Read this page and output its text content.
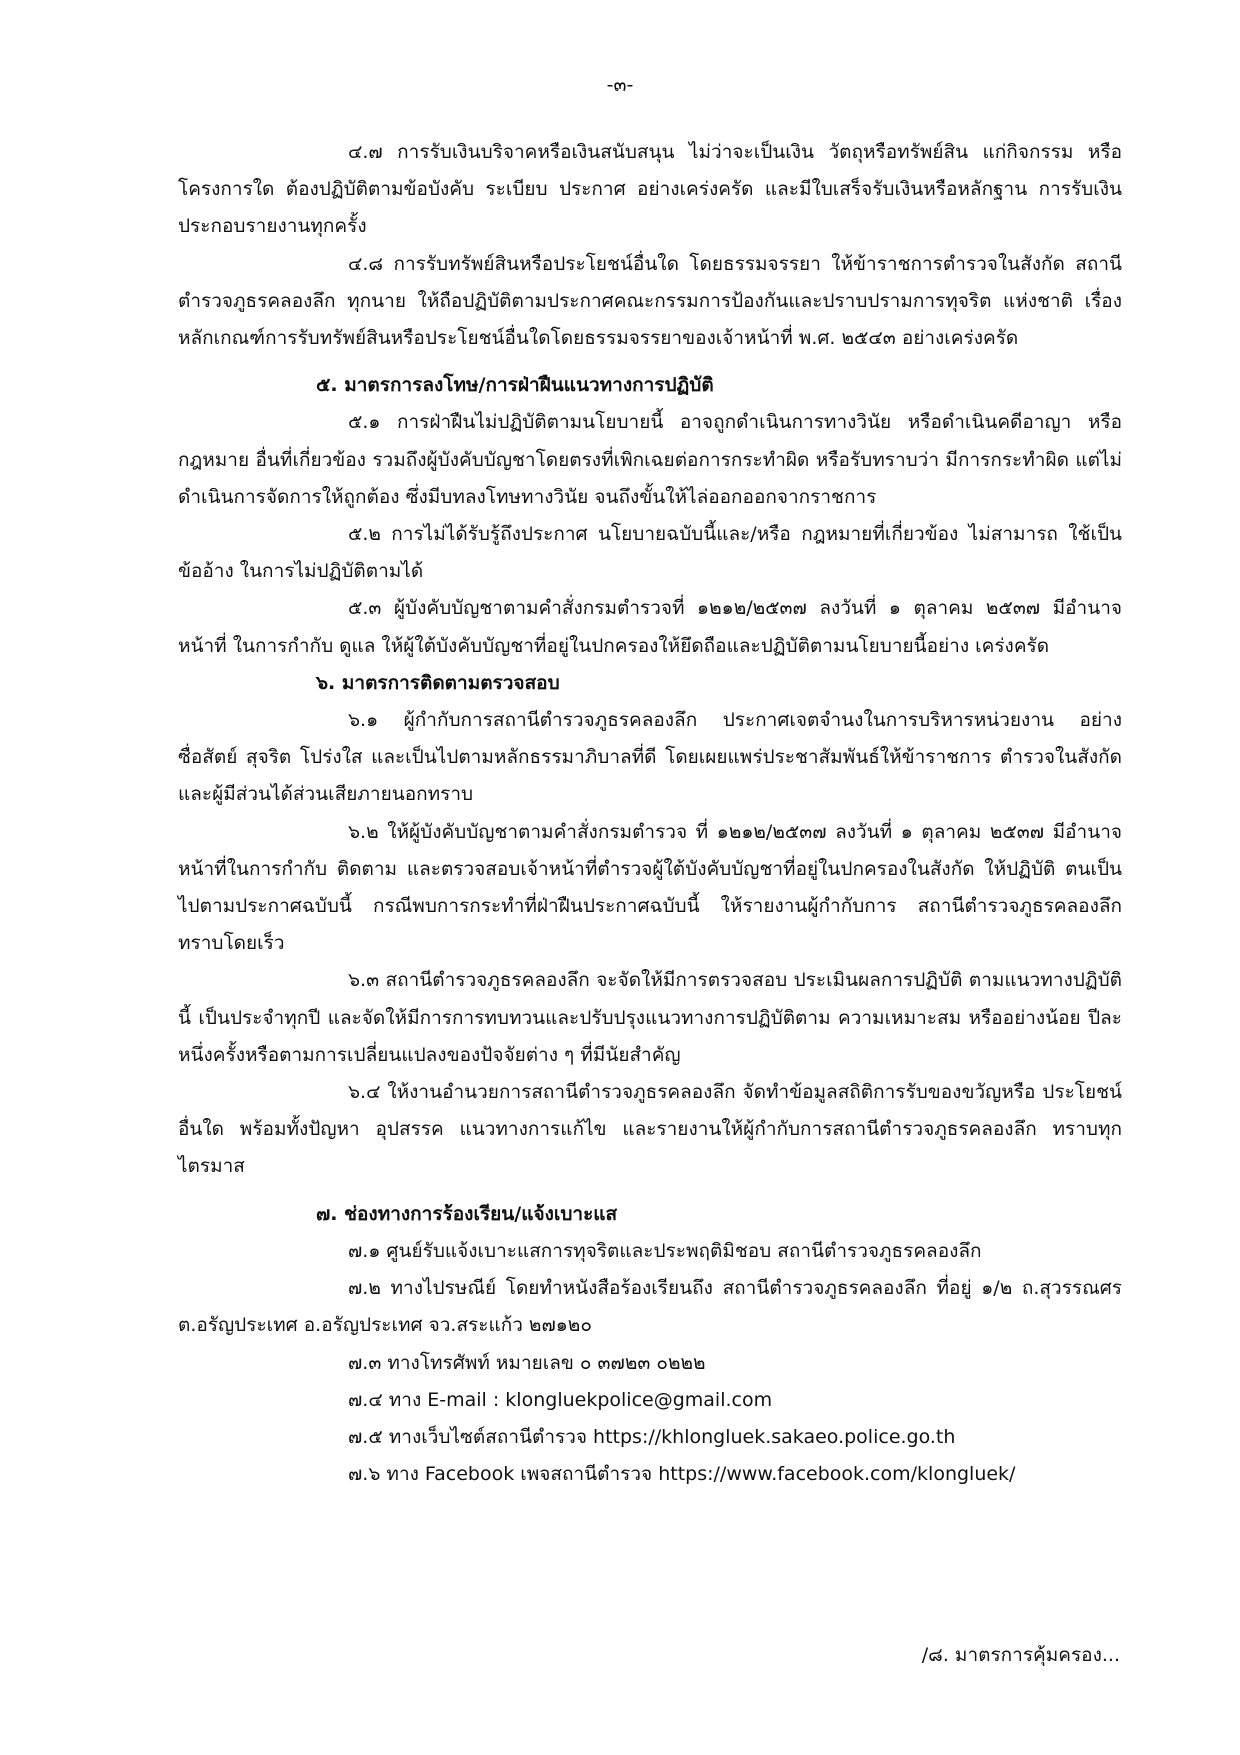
-๓-

๔.๗ การรับเงินบริจาคหรือเงินสนับสนุน ไม่ว่าจะเป็นเงิน วัตถุหรือทรัพย์สิน แก่กิจกรรม หรือโครงการใด ต้องปฏิบัติตามข้อบังคับ ระเบียบ ประกาศ อย่างเคร่งครัด และมีใบเสร็จรับเงินหรือหลักฐาน การรับเงิน ประกอบรายงานทุกครั้ง

๔.๘ การรับทรัพย์สินหรือประโยชน์อื่นใด โดยธรรมจรรยา ให้ข้าราชการตำรวจในสังกัด สถานีตำรวจภูธรคลองลึก ทุกนาย ให้ถือปฏิบัติตามประกาศคณะกรรมการป้องกันและปราบปรามการทุจริต แห่งชาติ เรื่อง หลักเกณฑ์การรับทรัพย์สินหรือประโยชน์อื่นใดโดยธรรมจรรยาของเจ้าหน้าที่ พ.ศ. ๒๕๔๓ อย่างเคร่งครัด

๕. มาตรการลงโทษ/การฝ่าฝืนแนวทางการปฏิบัติ

๕.๑ การฝ่าฝืนไม่ปฏิบัติตามนโยบายนี้ อาจถูกดำเนินการทางวินัย หรือดำเนินคดีอาญา หรือกฎหมาย อื่นที่เกี่ยวข้อง รวมถึงผู้บังคับบัญชาโดยตรงที่เพิกเฉยต่อการกระทำผิด หรือรับทราบว่า มีการกระทำผิด แต่ไม่ดำเนินการจัดการให้ถูกต้อง ซึ่งมีบทลงโทษทางวินัย จนถึงขั้นให้ไล่ออกออกจากราชการ

๕.๒ การไม่ได้รับรู้ถึงประกาศ นโยบายฉบับนี้และ/หรือ กฎหมายที่เกี่ยวข้อง ไม่สามารถ ใช้เป็นข้ออ้าง ในการไม่ปฏิบัติตามได้

๕.๓ ผู้บังคับบัญชาตามคำสั่งกรมตำรวจที่ ๑๒๑๒/๒๕๓๗ ลงวันที่ ๑ ตุลาคม ๒๕๓๗ มีอำนาจหน้าที่ ในการกำกับ ดูแล ให้ผู้ใต้บังคับบัญชาที่อยู่ในปกครองให้ยึดถือและปฏิบัติตามนโยบายนี้อย่าง เคร่งครัด

๖. มาตรการติดตามตรวจสอบ

๖.๑ ผู้กำกับการสถานีตำรวจภูธรคลองลึก ประกาศเจตจำนงในการบริหารหน่วยงาน อย่างซื่อสัตย์ สุจริต โปร่งใส และเป็นไปตามหลักธรรมาภิบาลที่ดี โดยเผยแพร่ประชาสัมพันธ์ให้ข้าราชการ ตำรวจในสังกัด และผู้มีส่วนได้ส่วนเสียภายนอกทราบ

๖.๒ ให้ผู้บังคับบัญชาตามคำสั่งกรมตำรวจ ที่ ๑๒๑๒/๒๕๓๗ ลงวันที่ ๑ ตุลาคม ๒๕๓๗ มีอำนาจ หน้าที่ในการกำกับ ติดตาม และตรวจสอบเจ้าหน้าที่ตำรวจผู้ใต้บังคับบัญชาที่อยู่ในปกครองในสังกัด ให้ปฏิบัติ ตนเป็นไปตามประกาศฉบับนี้ กรณีพบการกระทำที่ฝ่าฝืนประกาศฉบับนี้ ให้รายงานผู้กำกับการ สถานีตำรวจภูธรคลองลึกทราบโดยเร็ว

๖.๓ สถานีตำรวจภูธรคลองลึก จะจัดให้มีการตรวจสอบ ประเมินผลการปฏิบัติ ตามแนวทางปฏิบัตินี้ เป็นประจำทุกปี และจัดให้มีการการทบทวนและปรับปรุงแนวทางการปฏิบัติตาม ความเหมาะสม หรืออย่างน้อย ปีละหนึ่งครั้งหรือตามการเปลี่ยนแปลงของปัจจัยต่าง ๆ ที่มีนัยสำคัญ

๖.๔ ให้งานอำนวยการสถานีตำรวจภูธรคลองลึก จัดทำข้อมูลสถิติการรับของขวัญหรือ ประโยชน์อื่นใด พร้อมทั้งปัญหา อุปสรรค แนวทางการแก้ไข และรายงานให้ผู้กำกับการสถานีตำรวจภูธรคลองลึก ทราบทุกไตรมาส

๗. ช่องทางการร้องเรียน/แจ้งเบาะแส

๗.๑ ศูนย์รับแจ้งเบาะแสการทุจริตและประพฤติมิชอบ สถานีตำรวจภูธรคลองลึก

๗.๒ ทางไปรษณีย์ โดยทำหนังสือร้องเรียนถึง สถานีตำรวจภูธรคลองลึก ที่อยู่ ๑/๒ ถ.สุวรรณศร ต.อรัญประเทศ อ.อรัญประเทศ จว.สระแก้ว ๒๗๑๒๐

๗.๓ ทางโทรศัพท์ หมายเลข ๐ ๓๗๒๓ ๐๒๒๒

๗.๔ ทาง E-mail : klongluekpolice@gmail.com

๗.๕ ทางเว็บไซต์สถานีตำรวจ https://khlongluek.sakaeo.police.go.th

๗.๖ ทาง Facebook เพจสถานีตำรวจ https://www.facebook.com/klongluek/

/๘. มาตรการคุ้มครอง...
